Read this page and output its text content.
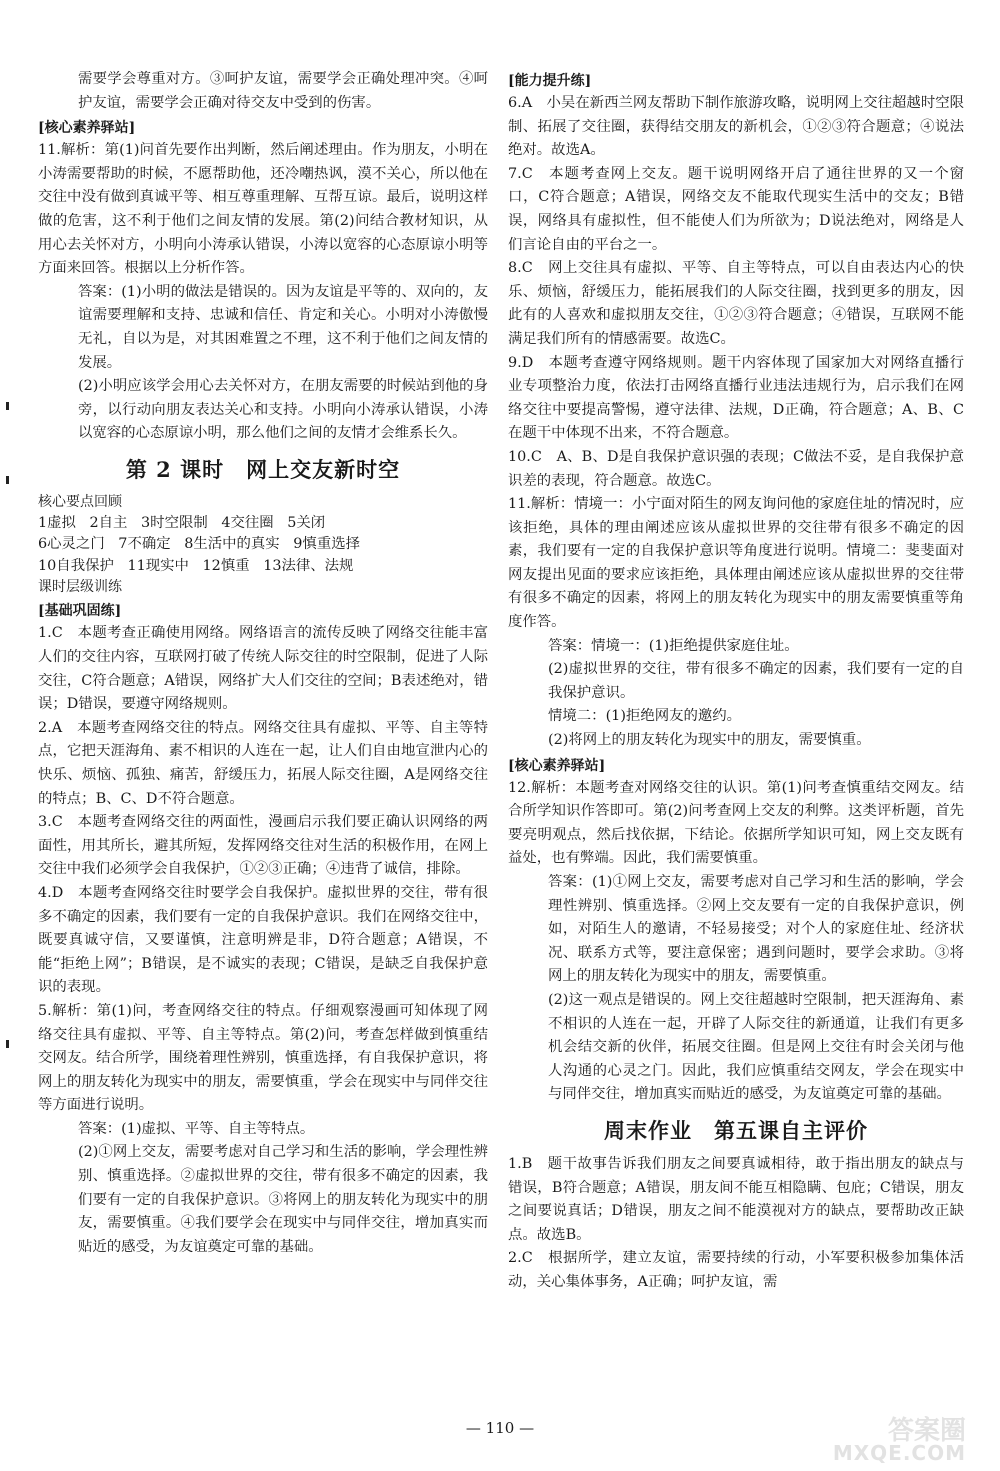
需要学会尊重对方。③呵护友谊，需要学会正确处理冲突。④呵护友谊，需要学会正确对待交友中受到的伤害。

[核心素养驿站]

11.解析：第(1)问首先要作出判断，然后阐述理由。作为朋友，小明在小涛需要帮助的时候，不愿帮助他，还冷嘲热讽，漠不关心，所以他在交往中没有做到真诚平等、相互尊重理解、互帮互谅。最后，说明这样做的危害，这不利于他们之间友情的发展。第(2)问结合教材知识，从用心去关怀对方，小明向小涛承认错误，小涛以宽容的心态原谅小明等方面来回答。根据以上分析作答。

答案：(1)小明的做法是错误的。因为友谊是平等的、双向的，友谊需要理解和支持、忠诚和信任、肯定和关心。小明对小涛傲慢无礼，自以为是，对其困难置之不理，这不利于他们之间友情的发展。

(2)小明应该学会用心去关怀对方，在朋友需要的时候站到他的身旁，以行动向朋友表达关心和支持。小明向小涛承认错误，小涛以宽容的心态原谅小明，那么他们之间的友情才会维系长久。

第 2 课时　网上交友新时空

核心要点回顾

1虚拟 2自主 3时空限制 4交往圈 5关闭
6心灵之门 7不确定 8生活中的真实 9慎重选择
10自我保护 11现实中 12慎重 13法律、法规

课时层级训练

[基础巩固练]

1.C　本题考查正确使用网络。网络语言的流传反映了网络交往能丰富人们的交往内容，互联网打破了传统人际交往的时空限制，促进了人际交往，C符合题意；A错误，网络扩大人们交往的空间；B表述绝对，错误；D错误，要遵守网络规则。

2.A　本题考查网络交往的特点。网络交往具有虚拟、平等、自主等特点，它把天涯海角、素不相识的人连在一起，让人们自由地宣泄内心的快乐、烦恼、孤独、痛苦，舒缓压力，拓展人际交往圈，A是网络交往的特点；B、C、D不符合题意。

3.C　本题考查网络交往的两面性，漫画启示我们要正确认识网络的两面性，用其所长，避其所短，发挥网络交往对生活的积极作用，在网上交往中我们必须学会自我保护，①②③正确；④违背了诚信，排除。

4.D　本题考查网络交往时要学会自我保护。虚拟世界的交往，带有很多不确定的因素，我们要有一定的自我保护意识。我们在网络交往中，既要真诚守信，又要谨慎，注意明辨是非，D符合题意；A错误，不能“拒绝上网”；B错误，是不诚实的表现；C错误，是缺乏自我保护意识的表现。

5.解析：第(1)问，考查网络交往的特点。仔细观察漫画可知体现了网络交往具有虚拟、平等、自主等特点。第(2)问，考查怎样做到慎重结交网友。结合所学，围绕着理性辨别，慎重选择，有自我保护意识，将网上的朋友转化为现实中的朋友，需要慎重，学会在现实中与同伴交往等方面进行说明。

答案：(1)虚拟、平等、自主等特点。

(2)①网上交友，需要考虑对自己学习和生活的影响，学会理性辨别、慎重选择。②虚拟世界的交往，带有很多不确定的因素，我们要有一定的自我保护意识。③将网上的朋友转化为现实中的朋友，需要慎重。④我们要学会在现实中与同伴交往，增加真实而贴近的感受，为友谊奠定可靠的基础。

[能力提升练]

6.A　小吴在新西兰网友帮助下制作旅游攻略，说明网上交往超越时空限制、拓展了交往圈，获得结交朋友的新机会，①②③符合题意；④说法绝对。故选A。

7.C　本题考查网上交友。题干说明网络开启了通往世界的又一个窗口，C符合题意；A错误，网络交友不能取代现实生活中的交友；B错误，网络具有虚拟性，但不能使人们为所欲为；D说法绝对，网络是人们言论自由的平台之一。

8.C　网上交往具有虚拟、平等、自主等特点，可以自由表达内心的快乐、烦恼，舒缓压力，能拓展我们的人际交往圈，找到更多的朋友，因此有的人喜欢和虚拟朋友交往，①②③符合题意；④错误，互联网不能满足我们所有的情感需要。故选C。

9.D　本题考查遵守网络规则。题干内容体现了国家加大对网络直播行业专项整治力度，依法打击网络直播行业违法违规行为，启示我们在网络交往中要提高警惕，遵守法律、法规，D正确，符合题意；A、B、C在题干中体现不出来，不符合题意。

10.C　A、B、D是自我保护意识强的表现；C做法不妥，是自我保护意识差的表现，符合题意。故选C。

11.解析：情境一：小宁面对陌生的网友询问他的家庭住址的情况时，应该拒绝，具体的理由阐述应该从虚拟世界的交往带有很多不确定的因素，我们要有一定的自我保护意识等角度进行说明。情境二：斐斐面对网友提出见面的要求应该拒绝，具体理由阐述应该从虚拟世界的交往带有很多不确定的因素，将网上的朋友转化为现实中的朋友需要慎重等角度作答。

答案：情境一：(1)拒绝提供家庭住址。

(2)虚拟世界的交往，带有很多不确定的因素，我们要有一定的自我保护意识。

情境二：(1)拒绝网友的邀约。

(2)将网上的朋友转化为现实中的朋友，需要慎重。

[核心素养驿站]

12.解析：本题考查对网络交往的认识。第(1)问考查慎重结交网友。结合所学知识作答即可。第(2)问考查网上交友的利弊。这类评析题，首先要亮明观点，然后找依据，下结论。依据所学知识可知，网上交友既有益处，也有弊端。因此，我们需要慎重。

答案：(1)①网上交友，需要考虑对自己学习和生活的影响，学会理性辨别、慎重选择。②网上交友要有一定的自我保护意识，例如，对陌生人的邀请，不轻易接受；对个人的家庭住址、经济状况、联系方式等，要注意保密；遇到问题时，要学会求助。③将网上的朋友转化为现实中的朋友，需要慎重。

(2)这一观点是错误的。网上交往超越时空限制，把天涯海角、素不相识的人连在一起，开辟了人际交往的新通道，让我们有更多机会结交新的伙伴，拓展交往圈。但是网上交往有时会关闭与他人沟通的心灵之门。因此，我们应慎重结交网友，学会在现实中与同伴交往，增加真实而贴近的感受，为友谊奠定可靠的基础。

周末作业　第五课自主评价

1.B　题干故事告诉我们朋友之间要真诚相待，敢于指出朋友的缺点与错误，B符合题意；A错误，朋友间不能互相隐瞒、包庇；C错误，朋友之间要说真话；D错误，朋友之间不能漠视对方的缺点，要帮助改正缺点。故选B。

2.C　根据所学，建立友谊，需要持续的行动，小军要积极参加集体活动，关心集体事务，A正确；呵护友谊，需

— 110 —	答案圈
MXQE.COM
